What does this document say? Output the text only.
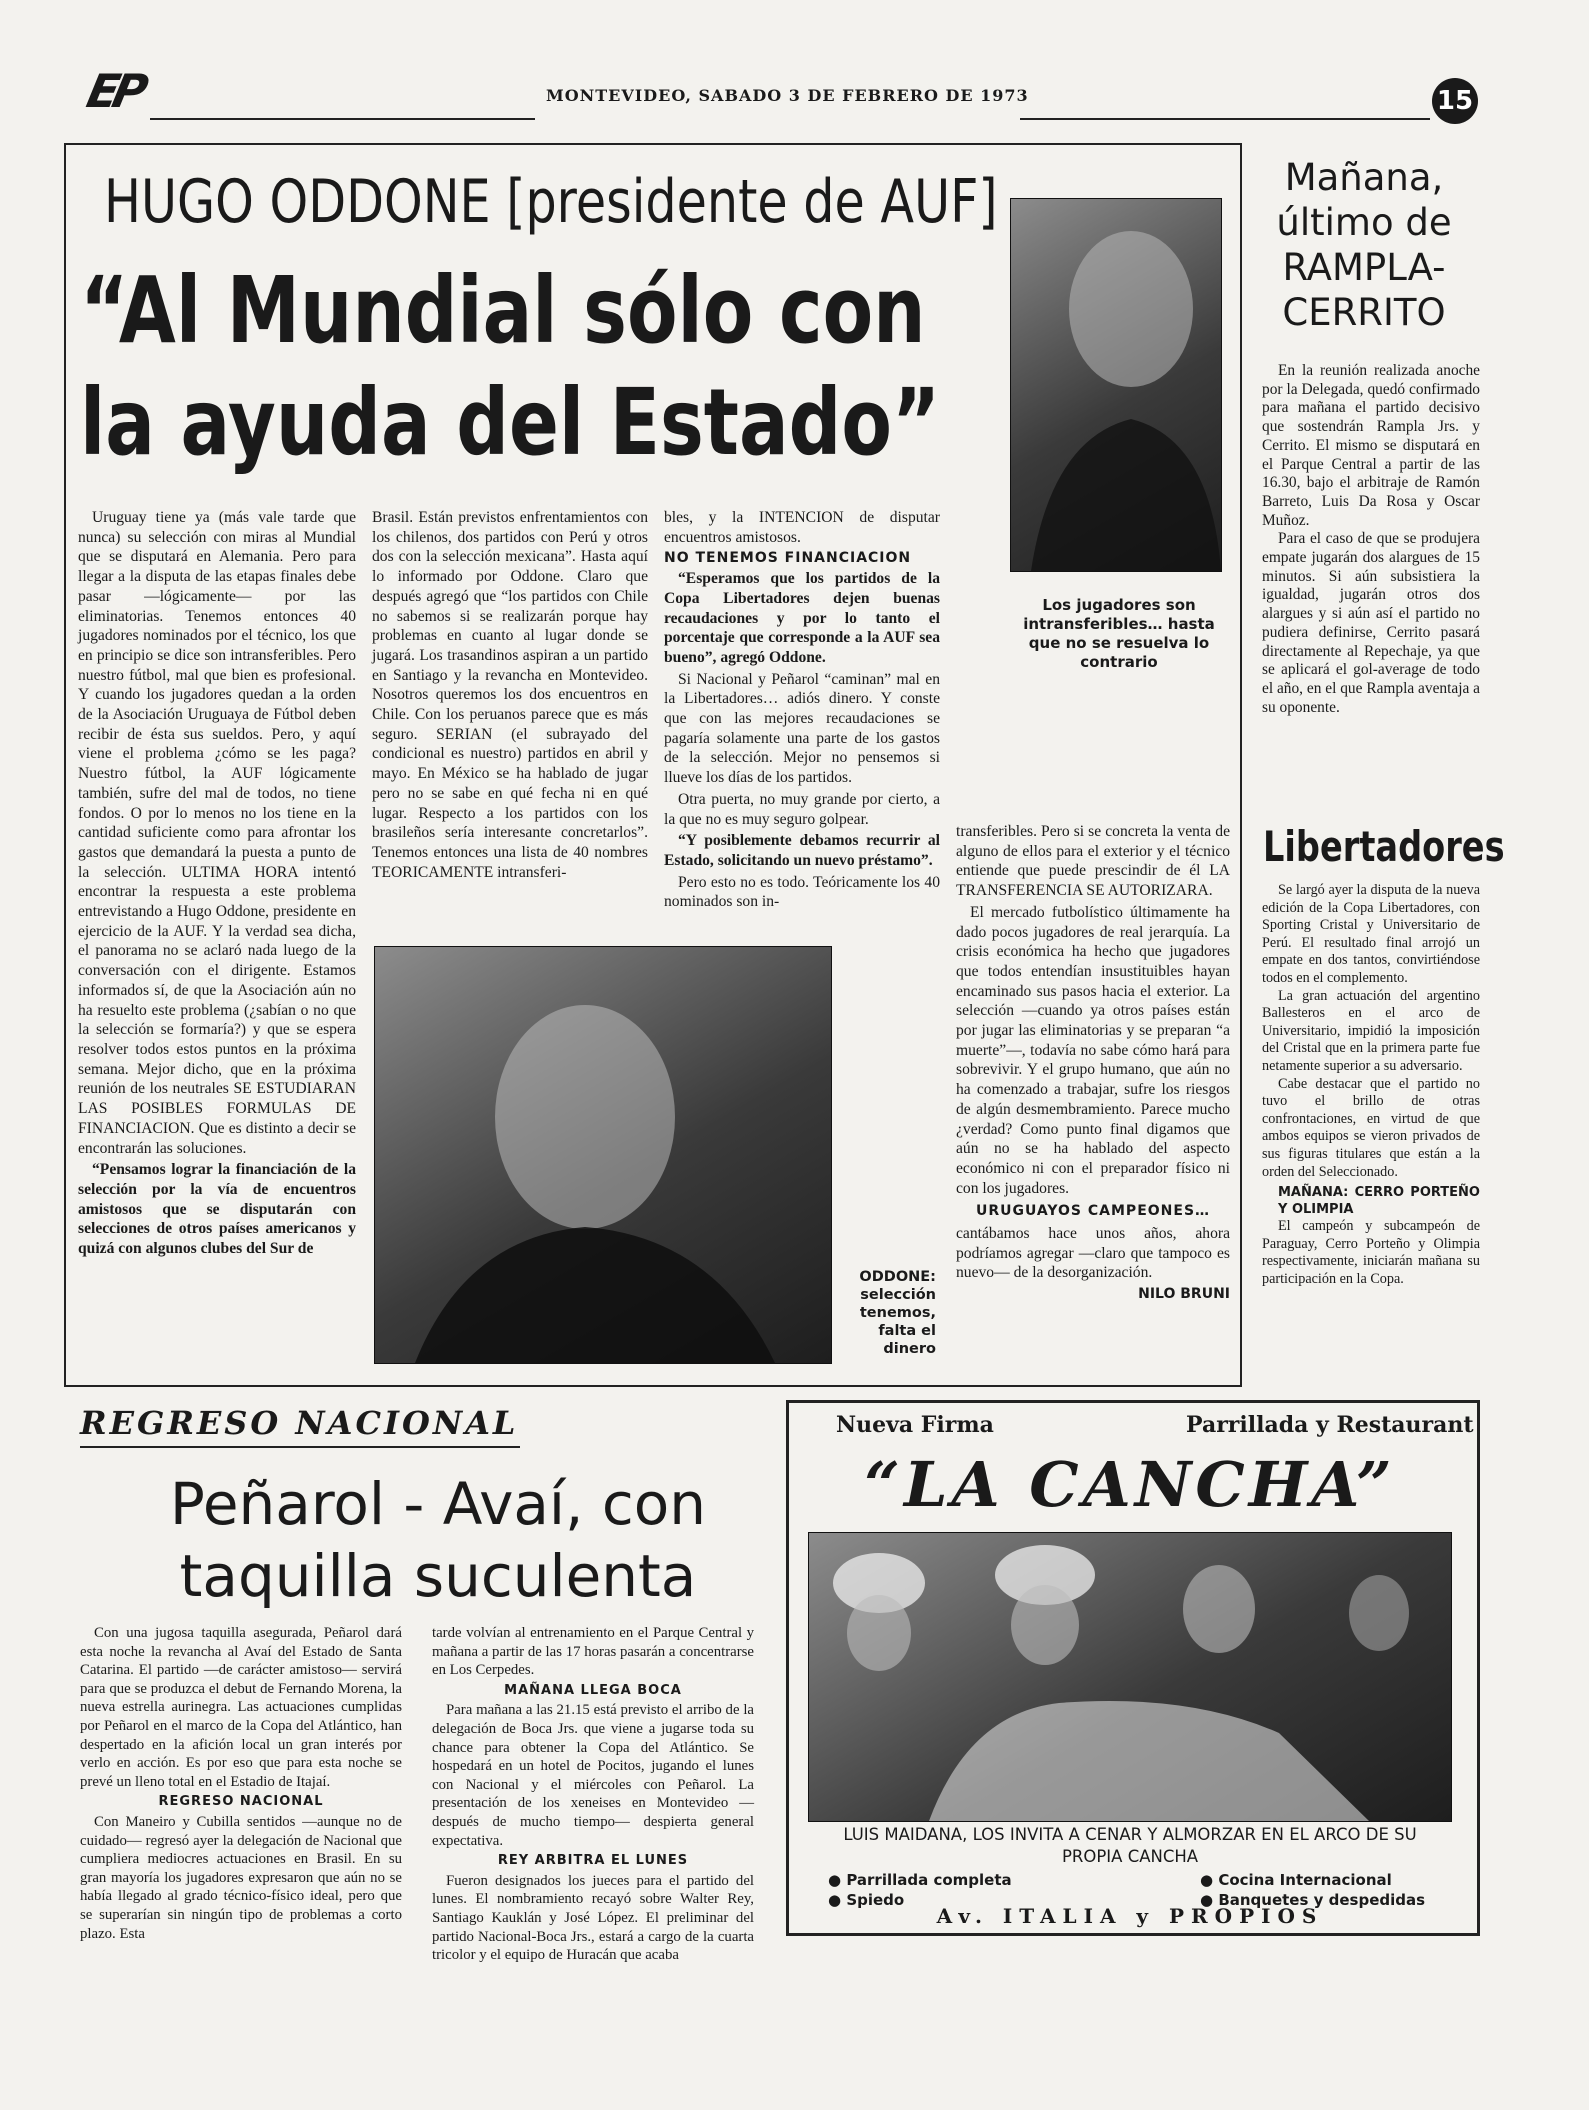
EP	MONTEVIDEO, SABADO 3 DE FEBRERO DE 1973	15
HUGO ODDONE [presidente de AUF]
“Al Mundial sólo con la ayuda del Estado”
Los jugadores son intransferibles… hasta que no se resuelva lo contrario

Uruguay tiene ya (más vale tarde que nunca) su selección con miras al Mundial que se disputará en Alemania. Pero para llegar a la disputa de las etapas finales debe pasar —lógicamente— por las eliminatorias. Tenemos entonces 40 jugadores nominados por el técnico, los que en principio se dice son intransferibles. Pero nuestro fútbol, mal que bien es profesional. Y cuando los jugadores quedan a la orden de la Asociación Uruguaya de Fútbol deben recibir de ésta sus sueldos. Pero, y aquí viene el problema ¿cómo se les paga? Nuestro fútbol, la AUF lógicamente también, sufre del mal de todos, no tiene fondos. O por lo menos no los tiene en la cantidad suficiente como para afrontar los gastos que demandará la puesta a punto de la selección. ULTIMA HORA intentó encontrar la respuesta a este problema entrevistando a Hugo Oddone, presidente en ejercicio de la AUF. Y la verdad sea dicha, el panorama no se aclaró nada luego de la conversación con el dirigente. Estamos informados sí, de que la Asociación aún no ha resuelto este problema (¿sabían o no que la selección se formaría?) y que se espera resolver todos estos puntos en la próxima semana. Mejor dicho, que en la próxima reunión de los neutrales SE ESTUDIARAN LAS POSIBLES FORMULAS DE FINANCIACION. Que es distinto a decir se encontrarán las soluciones.

“Pensamos lograr la financiación de la selección por la vía de encuentros amistosos que se disputarán con selecciones de otros países americanos y quizá con algunos clubes del Sur de

Brasil. Están previstos enfrentamientos con los chilenos, dos partidos con Perú y otros dos con la selección mexicana”. Hasta aquí lo informado por Oddone. Claro que después agregó que “los partidos con Chile no sabemos si se realizarán porque hay problemas en cuanto al lugar donde se jugará. Los trasandinos aspiran a un partido en Santiago y la revancha en Montevideo. Nosotros queremos los dos encuentros en Chile. Con los peruanos parece que es más seguro. SERIAN (el subrayado del condicional es nuestro) partidos en abril y mayo. En México se ha hablado de jugar pero no se sabe en qué fecha ni en qué lugar. Respecto a los partidos con los brasileños sería interesante concretarlos”. Tenemos entonces una lista de 40 nombres TEORICAMENTE intransferi-

ODDONE: selección tenemos, falta el dinero

bles, y la INTENCION de disputar encuentros amistosos.

NO TENEMOS FINANCIACION

“Esperamos que los partidos de la Copa Libertadores dejen buenas recaudaciones y por lo tanto el porcentaje que corresponde a la AUF sea bueno”, agregó Oddone.

Si Nacional y Peñarol “caminan” mal en la Libertadores… adiós dinero. Y conste que con las mejores recaudaciones se pagaría solamente una parte de los gastos de la selección. Mejor no pensemos si llueve los días de los partidos.

Otra puerta, no muy grande por cierto, a la que no es muy seguro golpear.

“Y posiblemente debamos recurrir al Estado, solicitando un nuevo préstamo”.

Pero esto no es todo. Teóricamente los 40 nominados son in-

transferibles. Pero si se concreta la venta de alguno de ellos para el exterior y el técnico entiende que puede prescindir de él LA TRANSFERENCIA SE AUTORIZARA.

El mercado futbolístico últimamente ha dado pocos jugadores de real jerarquía. La crisis económica ha hecho que jugadores que todos entendían insustituibles hayan encaminado sus pasos hacia el exterior. La selección —cuando ya otros países están por jugar las eliminatorias y se preparan “a muerte”—, todavía no sabe cómo hará para sobrevivir. Y el grupo humano, que aún no ha comenzado a trabajar, sufre los riesgos de algún desmembramiento. Parece mucho ¿verdad? Como punto final digamos que aún no se ha hablado del aspecto económico ni con el preparador físico ni con los jugadores.

URUGUAYOS CAMPEONES…

cantábamos hace unos años, ahora podríamos agregar —claro que tampoco es nuevo— de la desorganización.

NILO BRUNI
Mañana, último de RAMPLA-CERRITO

En la reunión realizada anoche por la Delegada, quedó confirmado para mañana el partido decisivo que sostendrán Rampla Jrs. y Cerrito. El mismo se disputará en el Parque Central a partir de las 16.30, bajo el arbitraje de Ramón Barreto, Luis Da Rosa y Oscar Muñoz.

Para el caso de que se produjera empate jugarán dos alargues de 15 minutos. Si aún subsistiera la igualdad, jugarán otros dos alargues y si aún así el partido no pudiera definirse, Cerrito pasará directamente al Repechaje, ya que se aplicará el gol-average de todo el año, en el que Rampla aventaja a su oponente.

Libertadores

Se largó ayer la disputa de la nueva edición de la Copa Libertadores, con Sporting Cristal y Universitario de Perú. El resultado final arrojó un empate en dos tantos, convirtiéndose todos en el complemento.

La gran actuación del argentino Ballesteros en el arco de Universitario, impidió la imposición del Cristal que en la primera parte fue netamente superior a su adversario.

Cabe destacar que el partido no tuvo el brillo de otras confrontaciones, en virtud de que ambos equipos se vieron privados de sus figuras titulares que están a la orden del Seleccionado.

MAÑANA: CERRO PORTEÑO Y OLIMPIA

El campeón y subcampeón de Paraguay, Cerro Porteño y Olimpia respectivamente, iniciarán mañana su participación en la Copa.

REGRESO NACIONAL
Peñarol - Avaí, con taquilla suculenta

Con una jugosa taquilla asegurada, Peñarol dará esta noche la revancha al Avaí del Estado de Santa Catarina. El partido —de carácter amistoso— servirá para que se produzca el debut de Fernando Morena, la nueva estrella aurinegra. Las actuaciones cumplidas por Peñarol en el marco de la Copa del Atlántico, han despertado en la afición local un gran interés por verlo en acción. Es por eso que para esta noche se prevé un lleno total en el Estadio de Itajaí.

REGRESO NACIONAL

Con Maneiro y Cubilla sentidos —aunque no de cuidado— regresó ayer la delegación de Nacional que cumpliera mediocres actuaciones en Brasil. En su gran mayoría los jugadores expresaron que aún no se había llegado al grado técnico-físico ideal, pero que se superarían sin ningún tipo de problemas a corto plazo. Esta

tarde volvían al entrenamiento en el Parque Central y mañana a partir de las 17 horas pasarán a concentrarse en Los Cerpedes.

MAÑANA LLEGA BOCA

Para mañana a las 21.15 está previsto el arribo de la delegación de Boca Jrs. que viene a jugarse toda su chance para obtener la Copa del Atlántico. Se hospedará en un hotel de Pocitos, jugando el lunes con Nacional y el miércoles con Peñarol. La presentación de los xeneises en Montevideo —después de mucho tiempo— despierta general expectativa.

REY ARBITRA EL LUNES

Fueron designados los jueces para el partido del lunes. El nombramiento recayó sobre Walter Rey, Santiago Kauklán y José López. El preliminar del partido Nacional-Boca Jrs., estará a cargo de la cuarta tricolor y el equipo de Huracán que acaba

Nueva Firma	Parrillada y Restaurant
“LA CANCHA”
LUIS MAIDANA, LOS INVITA A CENAR Y ALMORZAR EN EL ARCO DE SU PROPIA CANCHA
● Parrillada completa
● Spiedo
● Cocina Internacional
● Banquetes y despedidas
Av. ITALIA y PROPIOS
